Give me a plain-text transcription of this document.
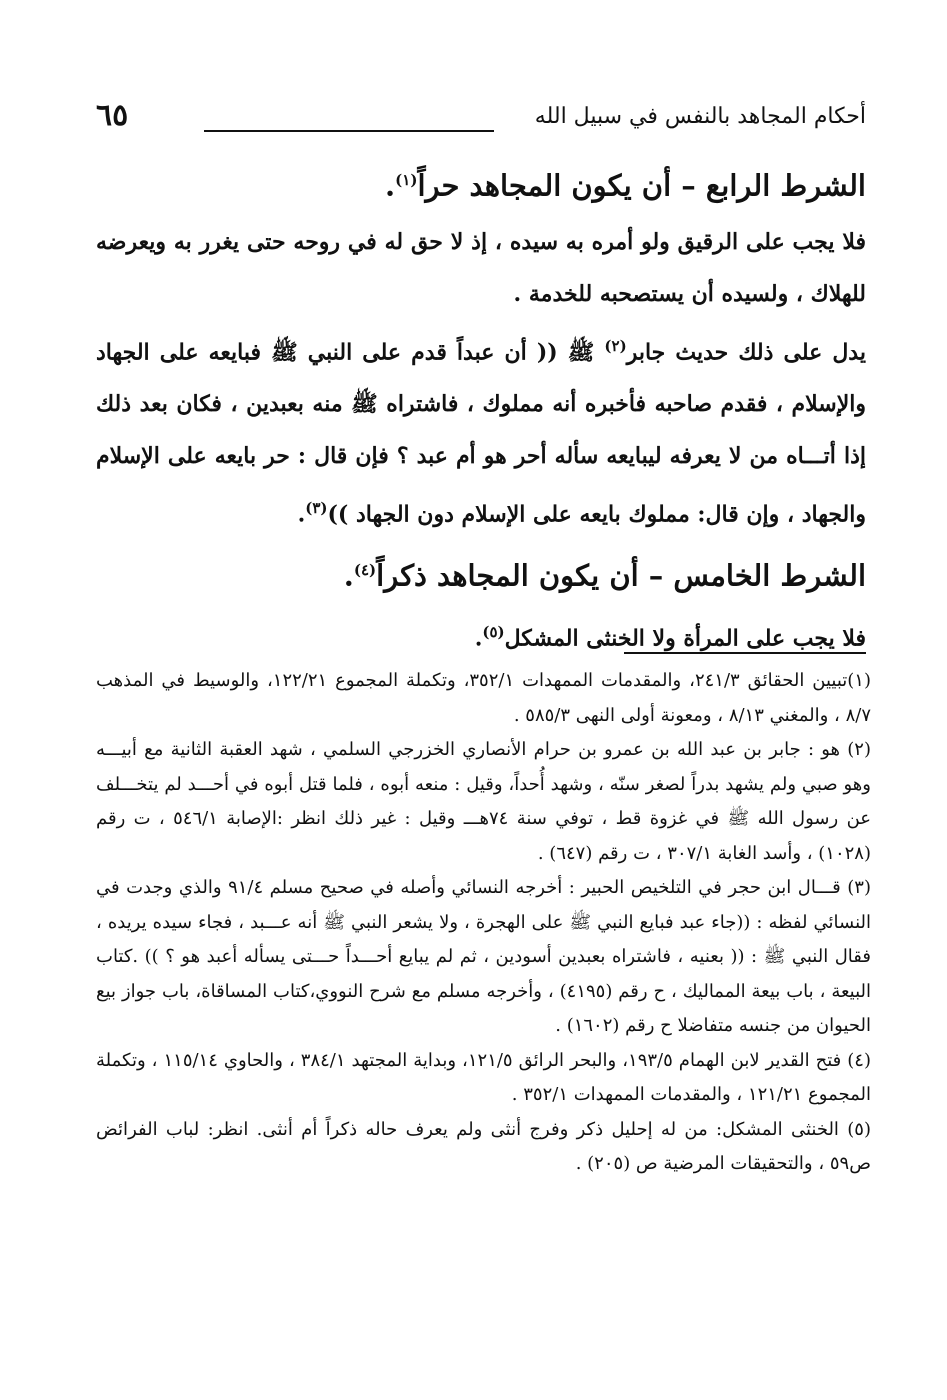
٦٥	أحكام المجاهد بالنفس في سبيل الله

الشرط الرابع – أن يكون المجاهد حراً$^{(١)}$.

فلا يجب على الرقيق ولو أمره به سيده ، إذ لا حق له في روحه حتى يغرر به ويعرضه للهلاك ، ولسيده أن يستصحبه للخدمة .

يدل على ذلك حديث جابر$^{(٢)}$ ﷺ (( أن عبداً قدم على النبي ﷺ فبايعه على الجهاد والإسلام ، فقدم صاحبه فأخبره أنه مملوك ، فاشتراه ﷺ منه بعبدين ، فكان بعد ذلك إذا أتـــاه من لا يعرفه ليبايعه سأله أحر هو أم عبد ؟ فإن قال : حر بايعه على الإسلام والجهاد ، وإن قال: مملوك بايعه على الإسلام دون الجهاد ))$^{(٣)}$.

الشرط الخامس – أن يكون المجاهد ذكراً$^{(٤)}$.

فلا يجب على المرأة ولا الخنثى المشكل$^{(٥)}$.

(١)تبيين الحقائق ٢٤١/٣، والمقدمات الممهدات ٣٥٢/١، وتكملة المجموع ١٢٢/٢١، والوسيط في المذهب ٨/٧ ، والمغني ٨/١٣ ، ومعونة أولى النهى ٥٨٥/٣ .

(٢) هو : جابر بن عبد الله بن عمرو بن حرام الأنصاري الخزرجي السلمي ، شهد العقبة الثانية مع أبيـــه وهو صبي ولم يشهد بدراً لصغر سنّه ، وشهد أُحداً، وقيل : منعه أبوه ، فلما قتل أبوه في أحـــد لم يتخـــلف عن رسول الله ﷺ في غزوة قط ، توفي سنة ٧٤هـــ وقيل : غير ذلك انظر :الإصابة ٥٤٦/١ ، ت رقم (١٠٢٨) ، وأسد الغابة ٣٠٧/١ ، ت رقم (٦٤٧) .

(٣) قـــال ابن حجر في التلخيص الحبير : أخرجه النسائي وأصله في صحيح مسلم ٩١/٤ والذي وجدت في النسائي لفظه : ((جاء عبد فبايع النبي ﷺ على الهجرة ، ولا يشعر النبي ﷺ أنه عـــبد ، فجاء سيده يريده ، فقال النبي ﷺ : (( بعنيه ، فاشتراه بعبدين أسودين ، ثم لم يبايع أحـــداً حـــتى يسأله أعبد هو ؟ )) .كتاب البيعة ، باب بيعة المماليك ، ح رقم (٤١٩٥) ، وأخرجه مسلم مع شرح النووي،كتاب المساقاة، باب جواز بيع الحيوان من جنسه متفاضلا ح رقم (١٦٠٢) .

(٤) فتح القدير لابن الهمام ١٩٣/٥، والبحر الرائق ١٢١/٥، وبداية المجتهد ٣٨٤/١ ، والحاوي ١١٥/١٤ ، وتكملة المجموع ١٢١/٢١ ، والمقدمات الممهدات ٣٥٢/١ .

(٥) الخنثى المشكل: من له إحليل ذكر وفرج أنثى ولم يعرف حاله ذكراً أم أنثى. انظر: لباب الفرائض ص٥٩ ، والتحقيقات المرضية ص (٢٠٥) .
